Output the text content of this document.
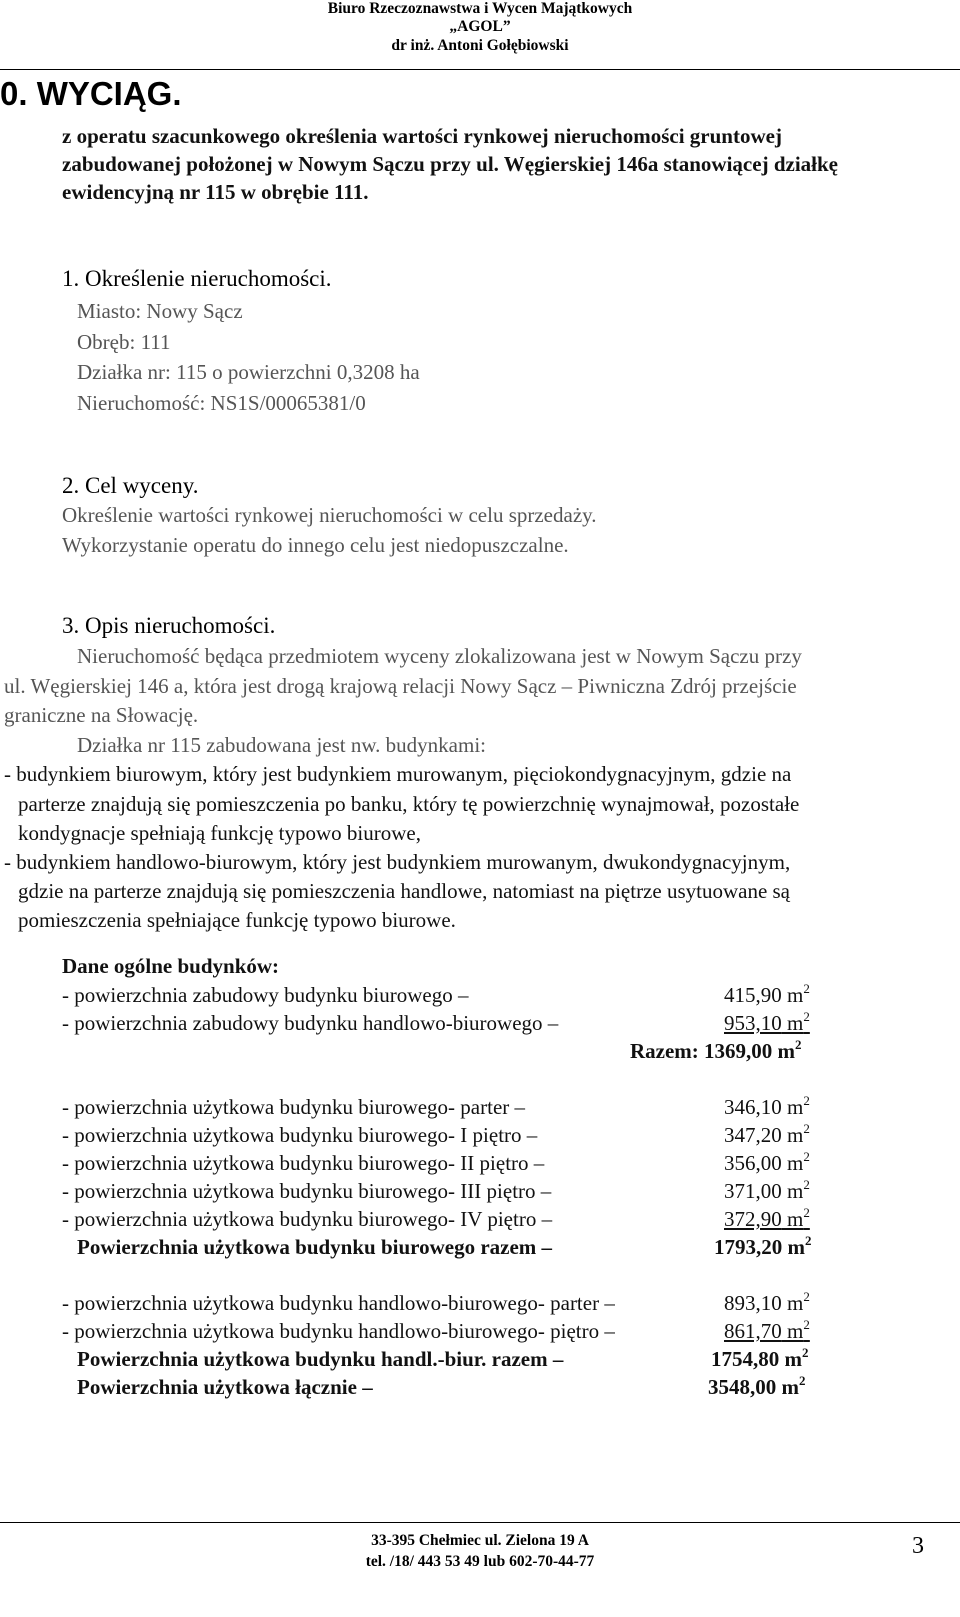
Biuro Rzeczoznawstwa i Wycen Majątkowych
„AGOL”
dr inż. Antoni Gołębiowski
0. WYCIĄG.
z operatu szacunkowego określenia wartości rynkowej nieruchomości gruntowej
zabudowanej położonej w Nowym Sączu przy ul. Węgierskiej 146a stanowiącej działkę
ewidencyjną nr 115 w obrębie 111.
1. Określenie nieruchomości.
Miasto: Nowy Sącz
Obręb: 111
Działka nr: 115 o powierzchni 0,3208 ha
Nieruchomość: NS1S/00065381/0
2. Cel wyceny.
Określenie wartości rynkowej nieruchomości w celu sprzedaży.
Wykorzystanie operatu do innego celu jest niedopuszczalne.
3. Opis nieruchomości.
Nieruchomość będąca przedmiotem wyceny zlokalizowana jest w Nowym Sączu przy
ul. Węgierskiej 146 a, która jest drogą krajową relacji Nowy Sącz – Piwniczna Zdrój przejście
graniczne na Słowację.
Działka nr 115 zabudowana jest nw. budynkami:
- budynkiem biurowym, który jest budynkiem murowanym, pięciokondygnacyjnym, gdzie na
parterze znajdują się pomieszczenia po banku, który tę powierzchnię wynajmował, pozostałe
kondygnacje spełniają funkcję typowo biurowe,
- budynkiem handlowo-biurowym, który jest budynkiem murowanym, dwukondygnacyjnym,
gdzie na parterze znajdują się pomieszczenia handlowe, natomiast na piętrze usytuowane są
pomieszczenia spełniające funkcję typowo biurowe.
Dane ogólne budynków:
- powierzchnia zabudowy budynku biurowego –	415,90 $m^2$
- powierzchnia zabudowy budynku handlowo-biurowego –	953,10 $m^2$
Razem: 1369,00 $m^2$
- powierzchnia użytkowa budynku biurowego- parter –	346,10 $m^2$
- powierzchnia użytkowa budynku biurowego- I piętro –	347,20 $m^2$
- powierzchnia użytkowa budynku biurowego- II piętro –	356,00 $m^2$
- powierzchnia użytkowa budynku biurowego- III piętro –	371,00 $m^2$
- powierzchnia użytkowa budynku biurowego- IV piętro –	372,90 $m^2$
Powierzchnia użytkowa budynku biurowego razem –	1793,20 $m^2$
- powierzchnia użytkowa budynku handlowo-biurowego- parter –	893,10 $m^2$
- powierzchnia użytkowa budynku handlowo-biurowego- piętro –	861,70 $m^2$
Powierzchnia użytkowa budynku handl.-biur. razem –	1754,80 $m^2$
Powierzchnia użytkowa łącznie –	3548,00 $m^2$
33-395 Chełmiec ul. Zielona 19 A
tel. /18/ 443 53 49 lub 602-70-44-77
3
